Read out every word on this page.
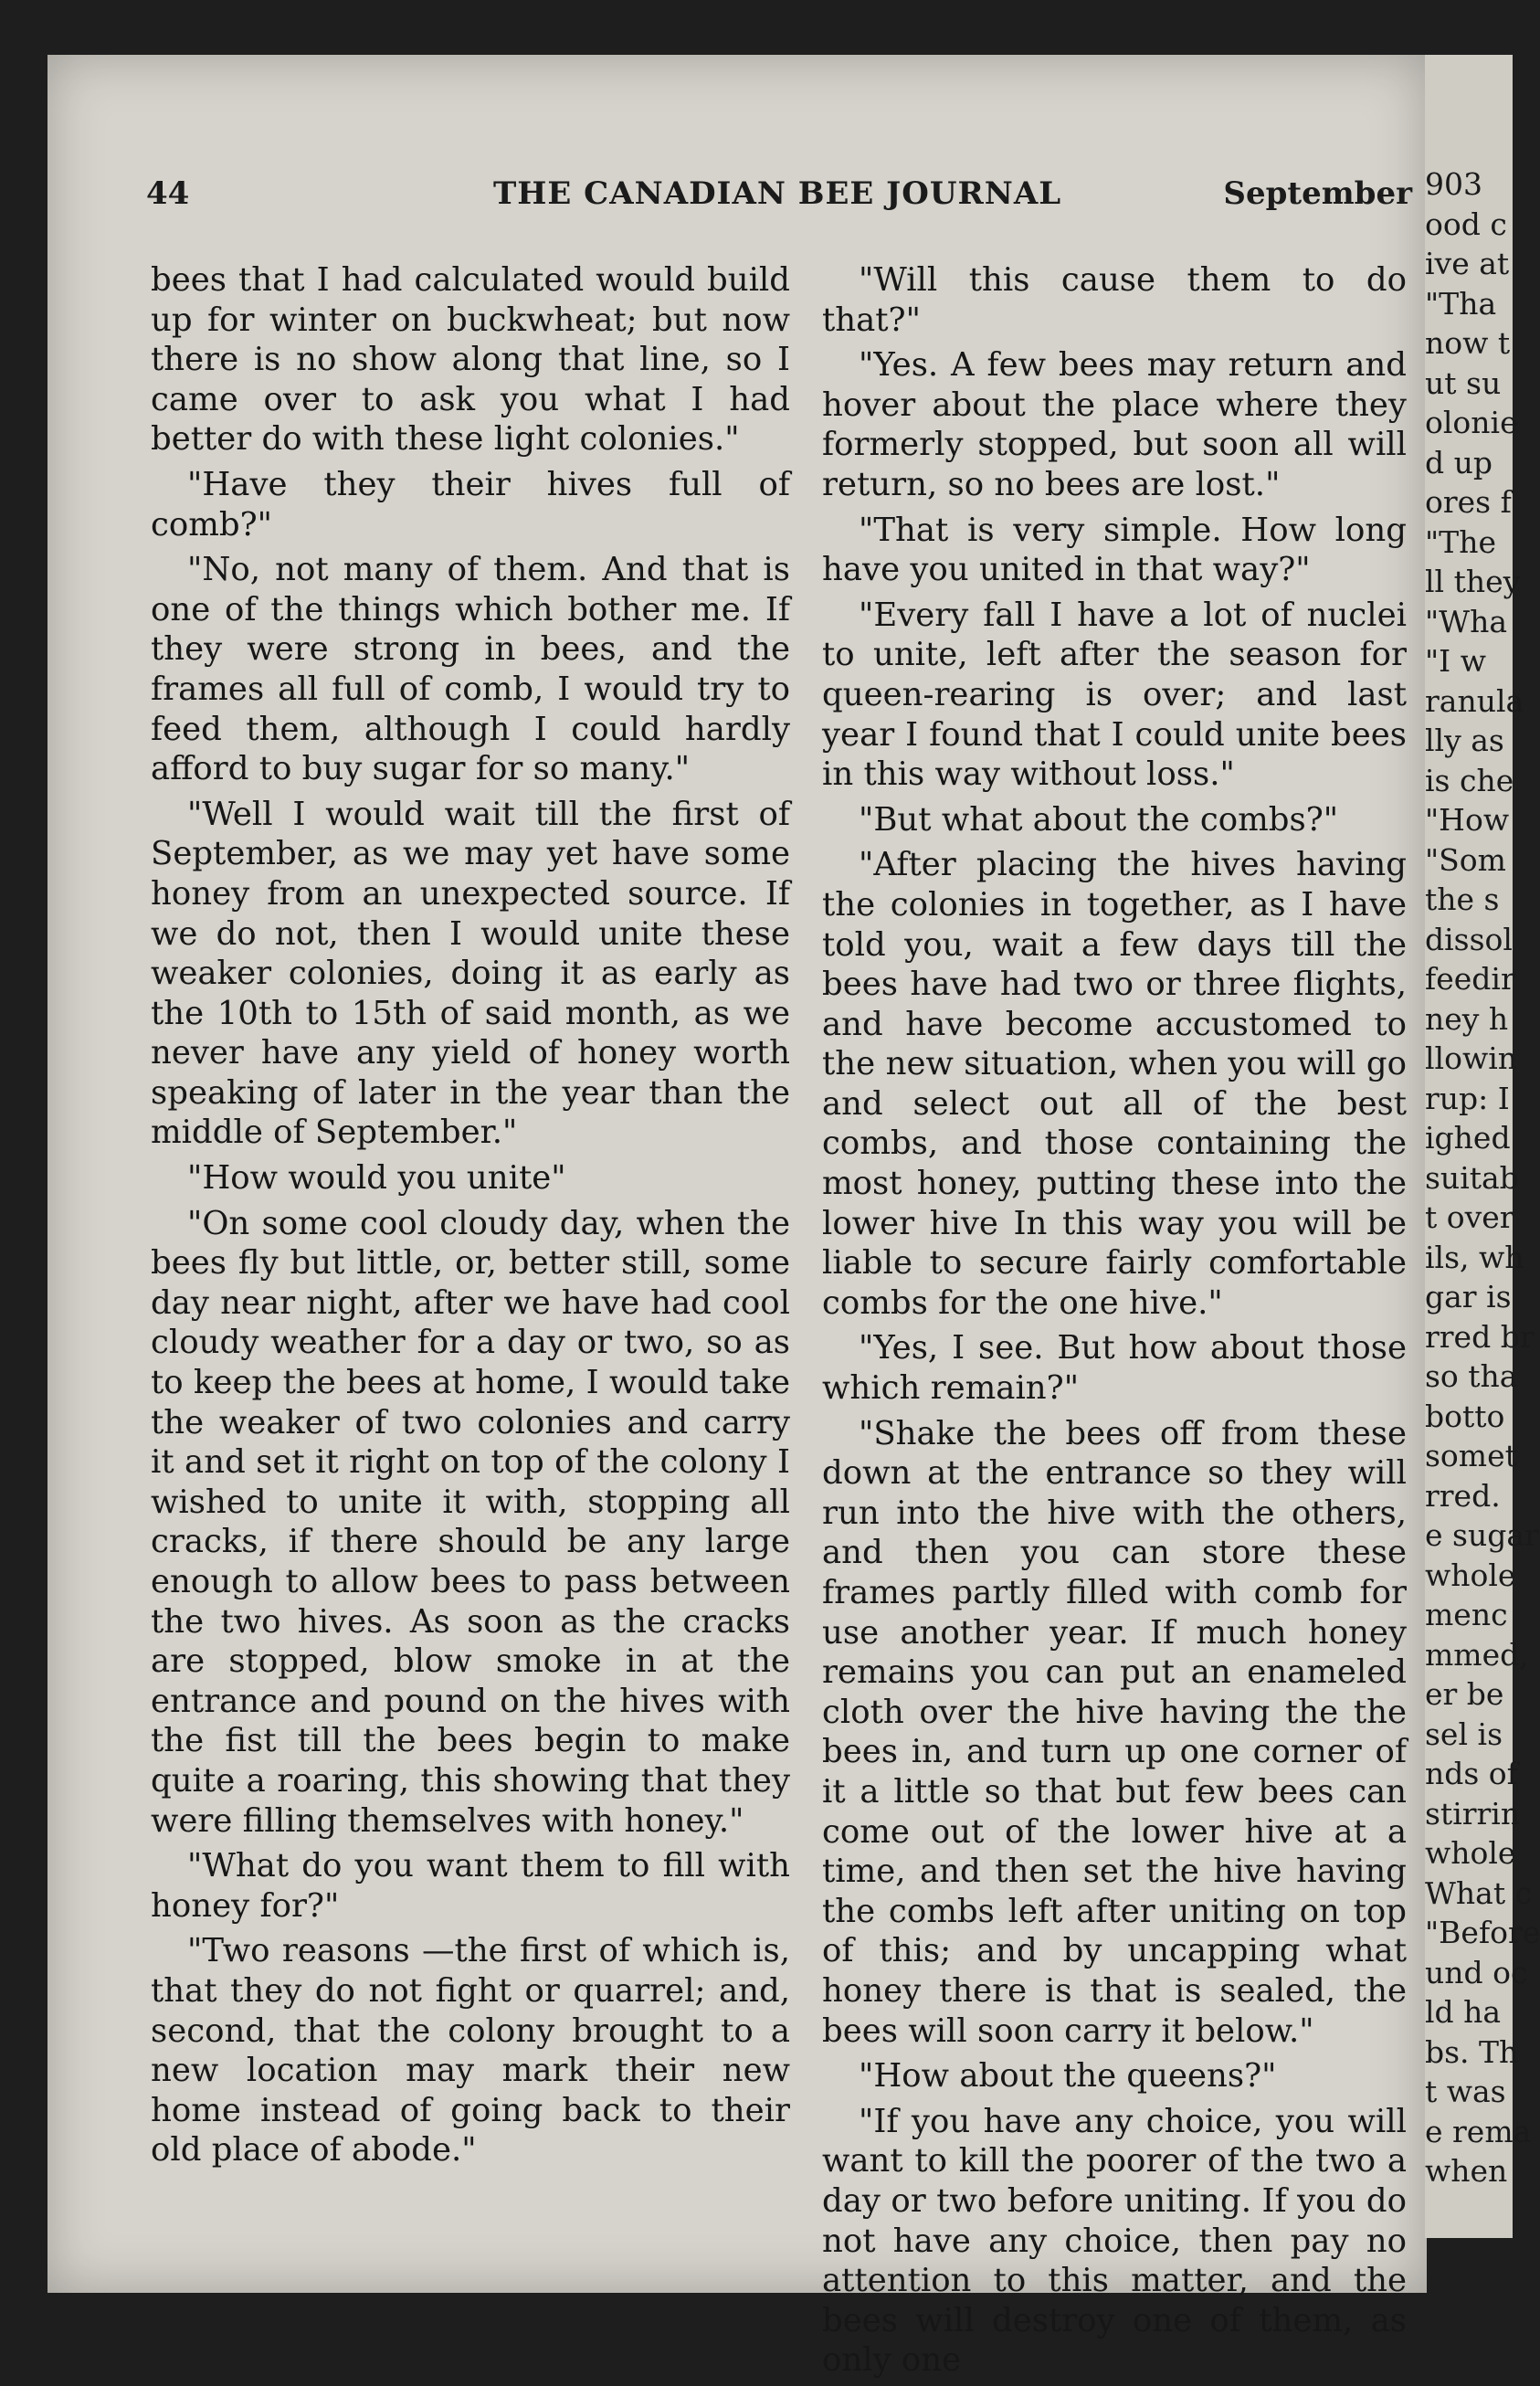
44	THE CANADIAN BEE JOURNAL	September

bees that I had calculated would build up for winter on buckwheat; but now there is no show along that line, so I came over to ask you what I had better do with these light colonies."

"Have they their hives full of comb?"

"No, not many of them. And that is one of the things which bother me. If they were strong in bees, and the frames all full of comb, I would try to feed them, although I could hardly afford to buy sugar for so many."

"Well I would wait till the first of September, as we may yet have some honey from an unexpected source. If we do not, then I would unite these weaker colonies, doing it as early as the 10th to 15th of said month, as we never have any yield of honey worth speaking of later in the year than the middle of September."

"How would you unite"

"On some cool cloudy day, when the bees fly but little, or, better still, some day near night, after we have had cool cloudy weather for a day or two, so as to keep the bees at home, I would take the weaker of two colonies and carry it and set it right on top of the colony I wished to unite it with, stopping all cracks, if there should be any large enough to allow bees to pass between the two hives. As soon as the cracks are stopped, blow smoke in at the entrance and pound on the hives with the fist till the bees begin to make quite a roaring, this showing that they were filling themselves with honey."

"What do you want them to fill with honey for?"

"Two reasons —the first of which is, that they do not fight or quarrel; and, second, that the colony brought to a new location may mark their new home instead of going back to their old place of abode."

"Will this cause them to do that?"

"Yes. A few bees may return and hover about the place where they formerly stopped, but soon all will return, so no bees are lost."

"That is very simple. How long have you united in that way?"

"Every fall I have a lot of nuclei to unite, left after the season for queen-rearing is over; and last year I found that I could unite bees in this way without loss."

"But what about the combs?"

"After placing the hives having the colonies in together, as I have told you, wait a few days till the bees have had two or three flights, and have become accustomed to the new situation, when you will go and select out all of the best combs, and those containing the most honey, putting these into the lower hive In this way you will be liable to secure fairly comfortable combs for the one hive."

"Yes, I see. But how about those which remain?"

"Shake the bees off from these down at the entrance so they will run into the hive with the others, and then you can store these frames partly filled with comb for use another year. If much honey remains you can put an enameled cloth over the hive having the the bees in, and turn up one corner of it a little so that but few bees can come out of the lower hive at a time, and then set the hive having the combs left after uniting on top of this; and by uncapping what honey there is that is sealed, the bees will soon carry it below."

"How about the queens?"

"If you have any choice, you will want to kill the poorer of the two a day or two before uniting. If you do not have any choice, then pay no attention to this matter, and the bees will destroy one of them, as only one

903
ood c
ive at
"Tha
now t
ut su
olonie
d up
ores f
"The
ll they
"Wha
"I w
ranula
lly as
is che
"How
"Som
the s
dissol
feedir
ney h
llowin
rup: I
ighed
suitab
t over
ils, wh
gar is
rred br
so tha
botto
somet
rred.
e sugar
whole
menc
mmed,
er be
sel is
nds of
stirrin
whole
What c
"Before
und oc
ld ha
bs. Th
t was
e rema
when
